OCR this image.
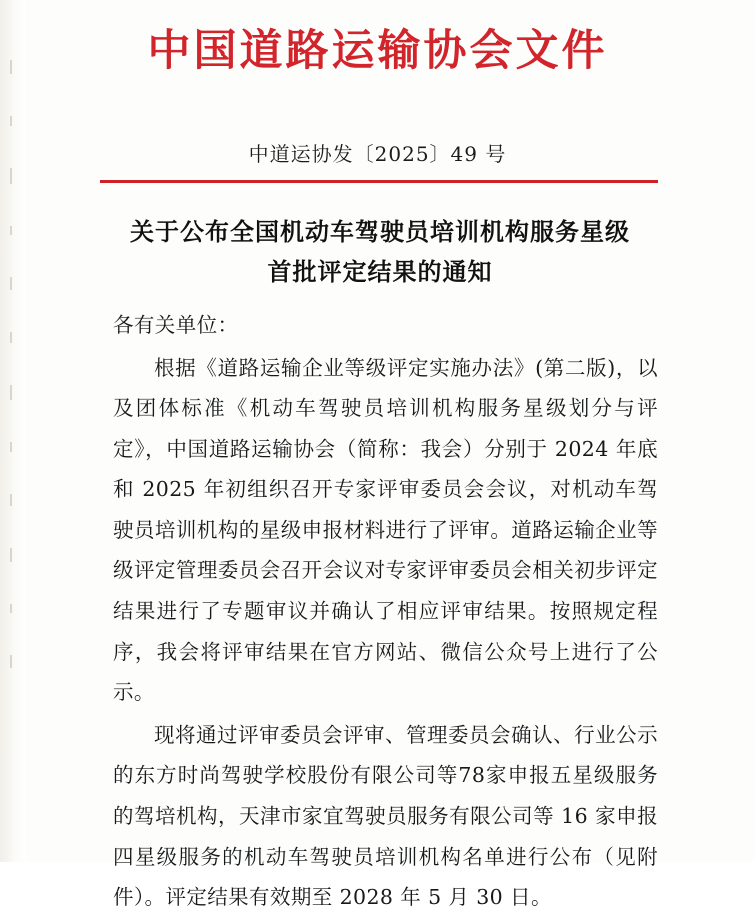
中国道路运输协会文件
中道运协发〔2025〕49 号
关于公布全国机动车驾驶员培训机构服务星级
首批评定结果的通知

各有关单位：

根据《道路运输企业等级评定实施办法》(第二版)，以及团体标准《机动车驾驶员培训机构服务星级划分与评定》，中国道路运输协会（简称：我会）分别于 2024 年底和 2025 年初组织召开专家评审委员会会议，对机动车驾驶员培训机构的星级申报材料进行了评审。道路运输企业等级评定管理委员会召开会议对专家评审委员会相关初步评定结果进行了专题审议并确认了相应评审结果。按照规定程序，我会将评审结果在官方网站、微信公众号上进行了公示。

现将通过评审委员会评审、管理委员会确认、行业公示的东方时尚驾驶学校股份有限公司等78家申报五星级服务的驾培机构，天津市家宜驾驶员服务有限公司等 16 家申报四星级服务的机动车驾驶员培训机构名单进行公布（见附件）。评定结果有效期至 2028 年 5 月 30 日。
